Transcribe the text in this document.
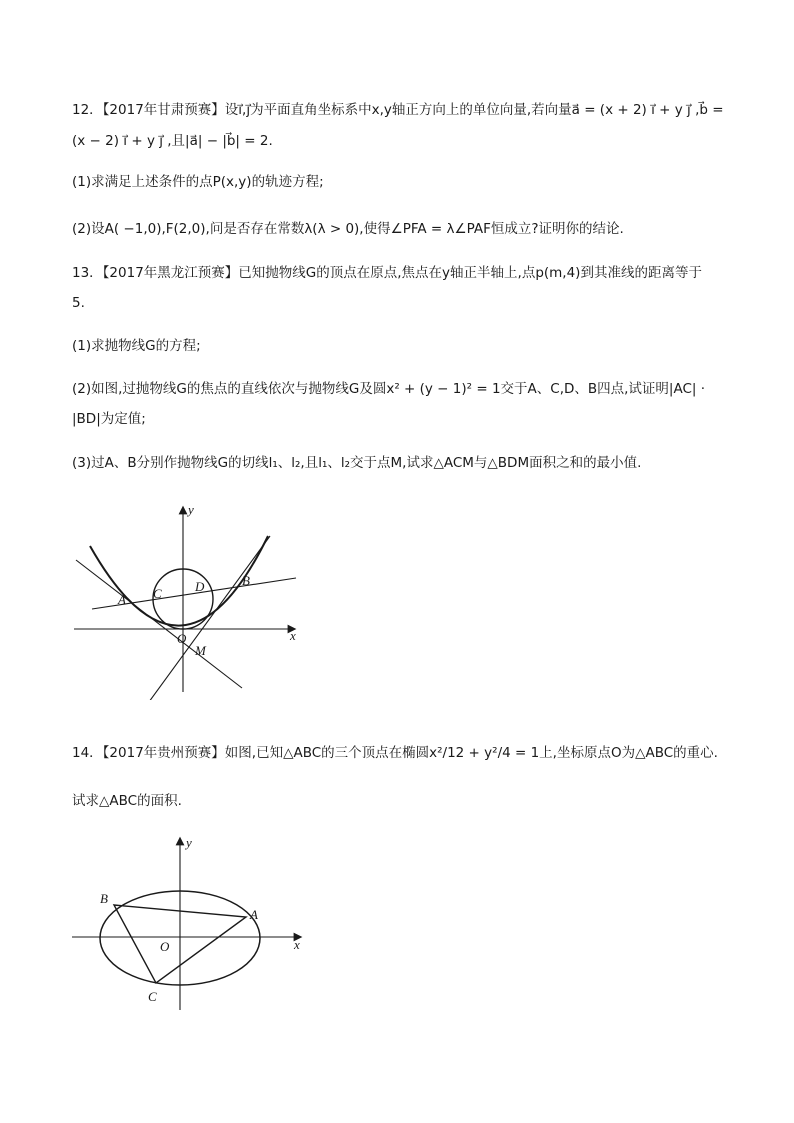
12．【2017年甘肃预赛】设i⃗,j⃗为平面直角坐标系中x,y轴正方向上的单位向量,若向量a⃗ = (x + 2) i⃗ + y j⃗ ,b⃗ =
(x − 2) i⃗ + y j⃗ ,且|a⃗| − |b⃗| = 2.
(1)求满足上述条件的点P(x,y)的轨迹方程;
(2)设A( −1,0),F(2,0),问是否存在常数λ(λ > 0),使得∠PFA = λ∠PAF恒成立?证明你的结论.
13．【2017年黑龙江预赛】已知抛物线G的顶点在原点,焦点在y轴正半轴上,点p(m,4)到其准线的距离等于
5.
(1)求抛物线G的方程;
(2)如图,过抛物线G的焦点的直线依次与抛物线G及圆x² + (y − 1)² = 1交于A、C,D、B四点,试证明|AC| ·
|BD|为定值;
(3)过A、B分别作抛物线G的切线l₁、l₂,且l₁、l₂交于点M,试求△ACM与△BDM面积之和的最小值.
y
x
A
B
C	D
O
M
14．【2017年贵州预赛】如图,已知△ABC的三个顶点在椭圆x²/12 + y²/4 = 1上,坐标原点O为△ABC的重心.
试求△ABC的面积.
y
x
A
B
C
O
